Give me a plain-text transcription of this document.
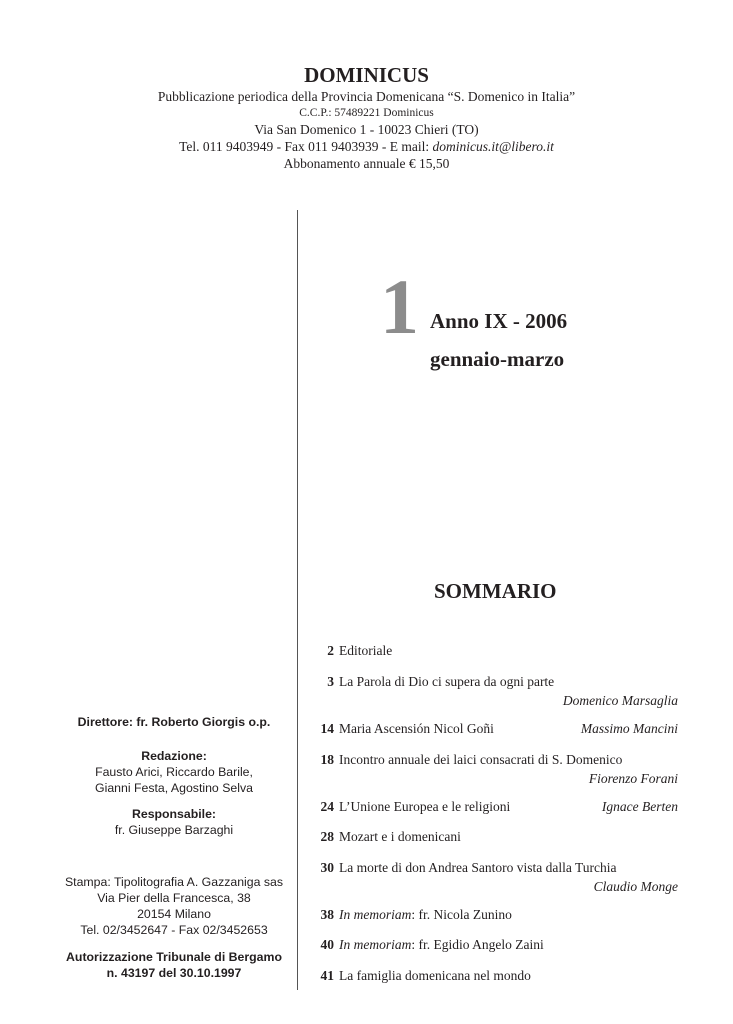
DOMINICUS
Pubblicazione periodica della Provincia Domenicana “S. Domenico in Italia”
C.C.P.: 57489221 Dominicus
Via San Domenico 1 - 10023 Chieri (TO)
Tel. 011 9403949 - Fax 011 9403939 - E mail: dominicus.it@libero.it
Abbonamento annuale € 15,50
1 Anno IX - 2006
gennaio-marzo
SOMMARIO
2 Editoriale
3 La Parola di Dio ci supera da ogni parte
Domenico Marsaglia
14 Maria Ascensión Nicol Goñi	Massimo Mancini
18 Incontro annuale dei laici consacrati di S. Domenico
Fiorenzo Forani
24 L’Unione Europea e le religioni	Ignace Berten
28 Mozart e i domenicani
30 La morte di don Andrea Santoro vista dalla Turchia
Claudio Monge
38 In memoriam: fr. Nicola Zunino
40 In memoriam: fr. Egidio Angelo Zaini
41 La famiglia domenicana nel mondo
Direttore: fr. Roberto Giorgis o.p.
Redazione:
Fausto Arici, Riccardo Barile,
Gianni Festa, Agostino Selva
Responsabile:
fr. Giuseppe Barzaghi
Stampa: Tipolitografia A. Gazzaniga sas
Via Pier della Francesca, 38
20154 Milano
Tel. 02/3452647 - Fax 02/3452653
Autorizzazione Tribunale di Bergamo
n. 43197 del 30.10.1997
